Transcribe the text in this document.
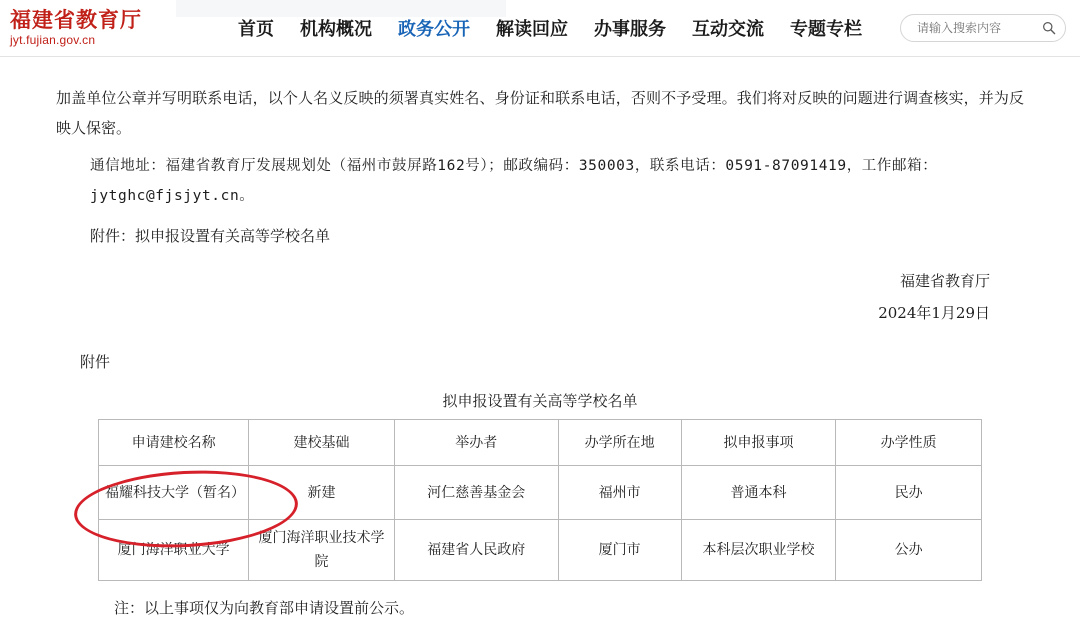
福建省教育厅
jyt.fujian.gov.cn
首页 机构概况 政务公开 解读回应 办事服务 互动交流 专题专栏
请输入搜索内容

加盖单位公章并写明联系电话，以个人名义反映的须署真实姓名、身份证和联系电话，否则不予受理。我们将对反映的问题进行调查核实，并为反映人保密。

通信地址：福建省教育厅发展规划处（福州市鼓屏路162号）；邮政编码：350003，联系电话：0591-87091419，工作邮箱：jytghc@fjsjyt.cn。

附件：拟申报设置有关高等学校名单

福建省教育厅
2024年1月29日
附件
拟申报设置有关高等学校名单
申请建校名称	建校基础	举办者	办学所在地	拟申报事项	办学性质
福耀科技大学（暂名）	新建	河仁慈善基金会	福州市	普通本科	民办
厦门海洋职业大学	厦门海洋职业技术学院	福建省人民政府	厦门市	本科层次职业学校	公办
注：以上事项仅为向教育部申请设置前公示。
